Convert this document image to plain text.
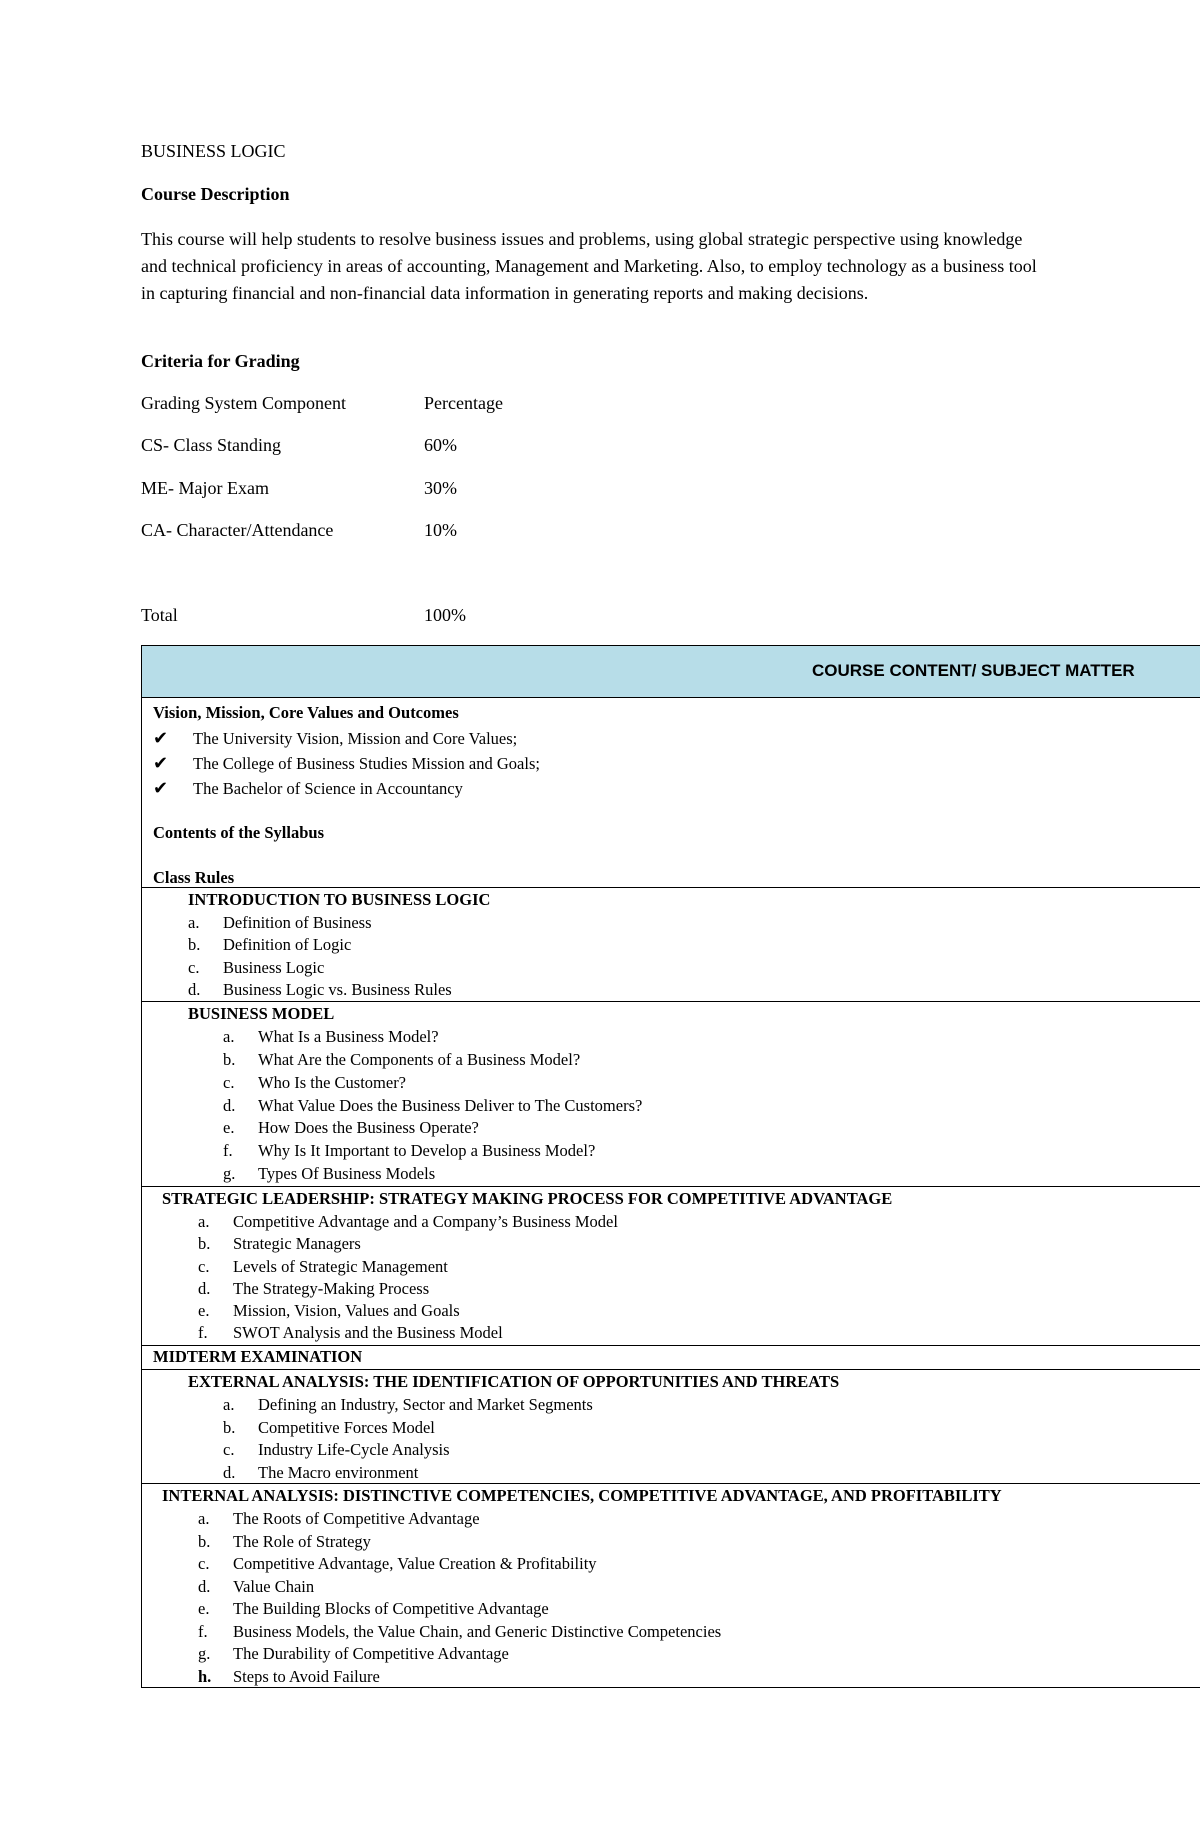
BUSINESS LOGIC

Course Description

This course will help students to resolve business issues and problems, using global strategic perspective using knowledge and technical proficiency in areas of accounting, Management and Marketing. Also, to employ technology as a business tool in capturing financial and non-financial data information in generating reports and making decisions.

Criteria for Grading

Grading System Component	Percentage
CS- Class Standing	60%
ME- Major Exam	30%
CA- Character/Attendance	10%
Total	100%
COURSE CONTENT/ SUBJECT MATTER
Vision, Mission, Core Values and Outcomes
✔ The University Vision, Mission and Core Values;
✔ The College of Business Studies Mission and Goals;
✔ The Bachelor of Science in Accountancy
Contents of the Syllabus
Class Rules
INTRODUCTION TO BUSINESS LOGIC
a. Definition of Business
b. Definition of Logic
c. Business Logic
d. Business Logic vs. Business Rules
BUSINESS MODEL
a. What Is a Business Model?
b. What Are the Components of a Business Model?
c. Who Is the Customer?
d. What Value Does the Business Deliver to The Customers?
e. How Does the Business Operate?
f. Why Is It Important to Develop a Business Model?
g. Types Of Business Models
STRATEGIC LEADERSHIP: STRATEGY MAKING PROCESS FOR COMPETITIVE ADVANTAGE
a. Competitive Advantage and a Company’s Business Model
b. Strategic Managers
c. Levels of Strategic Management
d. The Strategy-Making Process
e. Mission, Vision, Values and Goals
f. SWOT Analysis and the Business Model
MIDTERM EXAMINATION
EXTERNAL ANALYSIS: THE IDENTIFICATION OF OPPORTUNITIES AND THREATS
a. Defining an Industry, Sector and Market Segments
b. Competitive Forces Model
c. Industry Life-Cycle Analysis
d. The Macro environment
INTERNAL ANALYSIS: DISTINCTIVE COMPETENCIES, COMPETITIVE ADVANTAGE, AND PROFITABILITY
a. The Roots of Competitive Advantage
b. The Role of Strategy
c. Competitive Advantage, Value Creation & Profitability
d. Value Chain
e. The Building Blocks of Competitive Advantage
f. Business Models, the Value Chain, and Generic Distinctive Competencies
g. The Durability of Competitive Advantage
h. Steps to Avoid Failure
